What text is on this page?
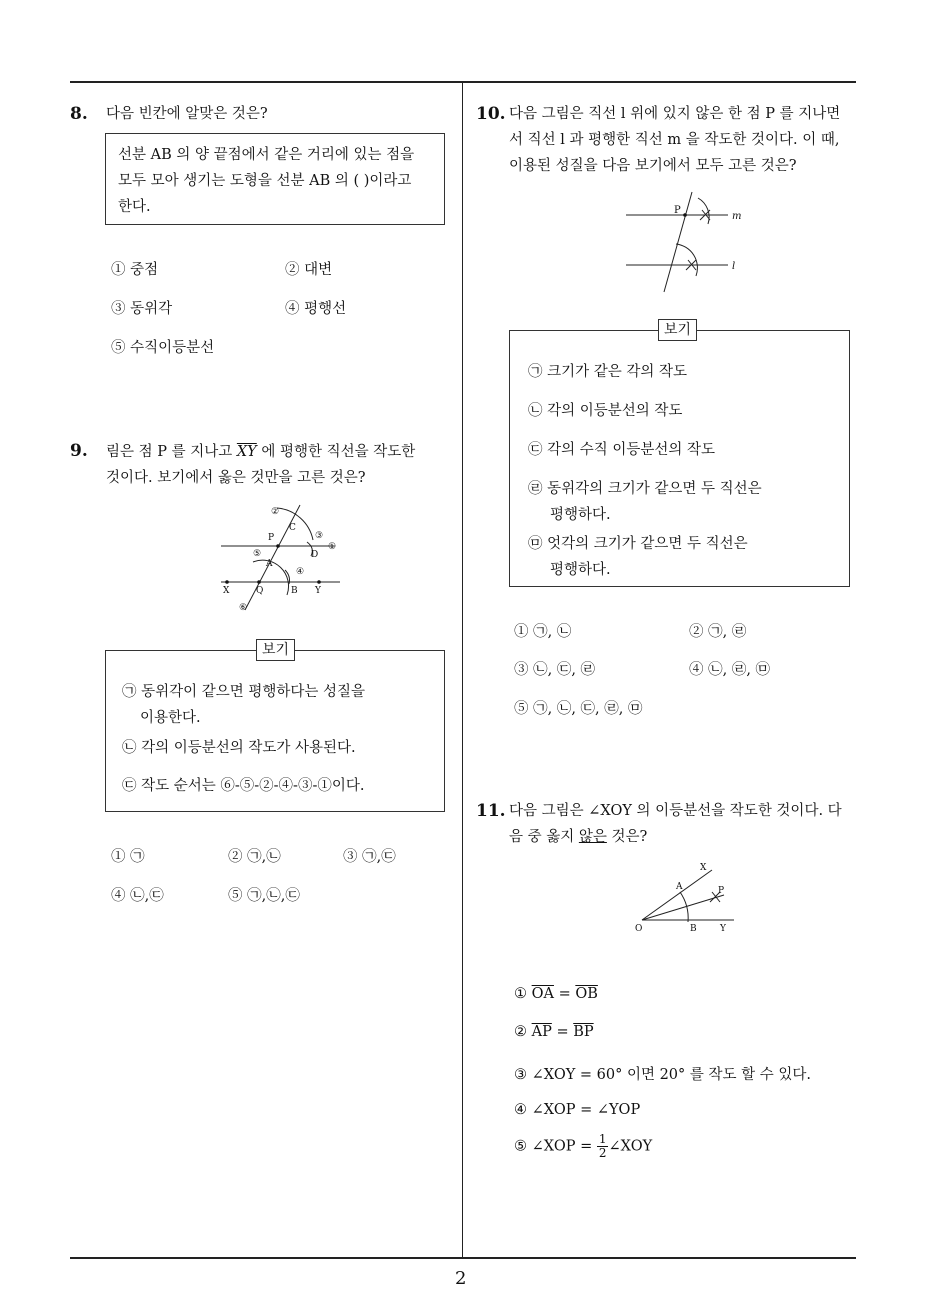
2
8. 다음 빈칸에 알맞은 것은?
선분 AB 의 양 끝점에서 같은 거리에 있는 점을
모두 모아 생기는 도형을 선분 AB 의 ( )이라고
한다.
① 중점	② 대변
③ 동위각	④ 평행선
⑤ 수직이등분선
9. 림은 점 P 를 지나고 $\overline{XY}$ 에 평행한 직선을 작도한
것이다. 보기에서 옳은 것만을 고른 것은?
②
C
③
P
①
⑤	D
A
④
X	Q	B Y
⑥
㉠ 동위각이 같으면 평행하다는 성질을
이용한다.
㉡ 각의 이등분선의 작도가 사용된다.
㉢ 작도 순서는 ⑥-⑤-②-④-③-①이다.
보기
① ㉠	② ㉠,㉡	③ ㉠,㉢
④ ㉡,㉢	⑤ ㉠,㉡,㉢
10. 다음 그림은 직선 l 위에 있지 않은 한 점 P 를 지나면
서 직선 l 과 평행한 직선 m 을 작도한 것이다. 이 때,
이용된 성질을 다음 보기에서 모두 고른 것은?
P
m
l
㉠ 크기가 같은 각의 작도
㉡ 각의 이등분선의 작도
㉢ 각의 수직 이등분선의 작도
㉣ 동위각의 크기가 같으면 두 직선은
평행하다.
㉤ 엇각의 크기가 같으면 두 직선은
평행하다.
보기
① ㉠, ㉡	② ㉠, ㉣
③ ㉡, ㉢, ㉣	④ ㉡, ㉣, ㉤
⑤ ㉠, ㉡, ㉢, ㉣, ㉤
11. 다음 그림은 ∠XOY 의 이등분선을 작도한 것이다. 다
음 중 옳지 않은 것은?
X
A	P
O	B	Y
① $\overline{OA} = \overline{OB}$
② $\overline{AP} = \overline{BP}$
③ ∠XOY = 60° 이면 20° 를 작도 할 수 있다.
④ ∠XOP = ∠YOP
⑤ ∠XOP = $\frac{1}{2}$ ∠XOY
